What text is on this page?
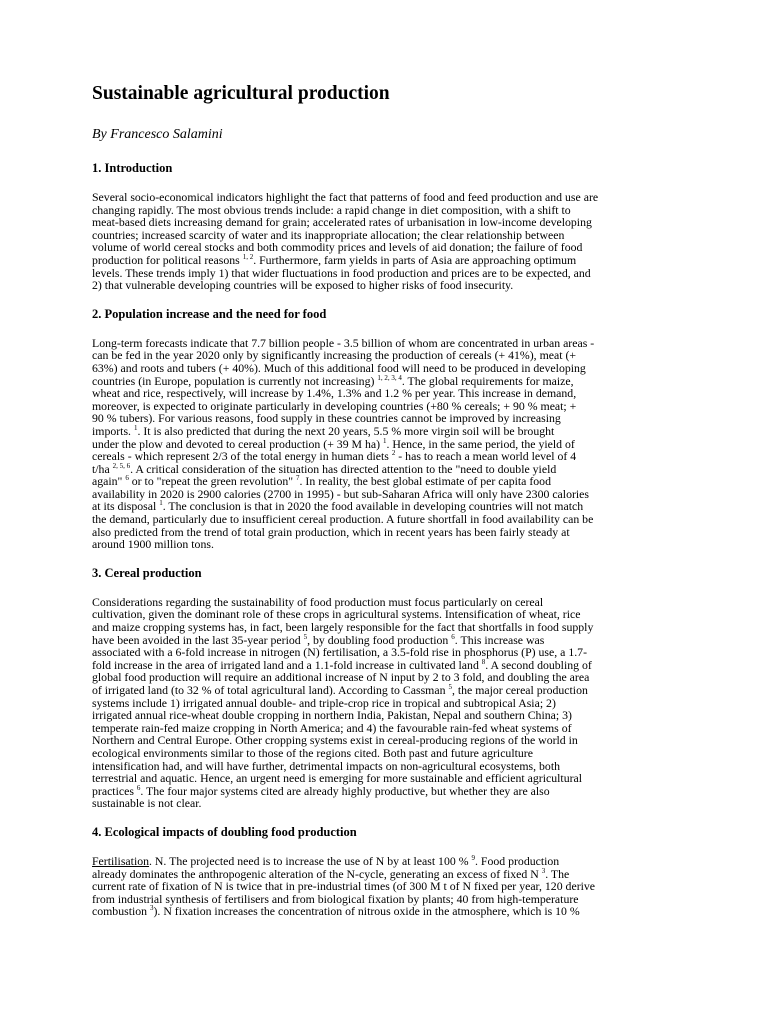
Sustainable agricultural production
By Francesco Salamini
1. Introduction

Several socio-economical indicators highlight the fact that patterns of food and feed production and use are
changing rapidly. The most obvious trends include: a rapid change in diet composition, with a shift to
meat-based diets increasing demand for grain; accelerated rates of urbanisation in low-income developing
countries; increased scarcity of water and its inappropriate allocation; the clear relationship between
volume of world cereal stocks and both commodity prices and levels of aid donation; the failure of food
production for political reasons $^{1, 2}$. Furthermore, farm yields in parts of Asia are approaching optimum
levels. These trends imply 1) that wider fluctuations in food production and prices are to be expected, and
2) that vulnerable developing countries will be exposed to higher risks of food insecurity.

2. Population increase and the need for food

Long-term forecasts indicate that 7.7 billion people - 3.5 billion of whom are concentrated in urban areas -
can be fed in the year 2020 only by significantly increasing the production of cereals (+ 41%), meat (+
63%) and roots and tubers (+ 40%). Much of this additional food will need to be produced in developing
countries (in Europe, population is currently not increasing) $^{1, 2, 3, 4}$. The global requirements for maize,
wheat and rice, respectively, will increase by 1.4%, 1.3% and 1.2 % per year. This increase in demand,
moreover, is expected to originate particularly in developing countries (+80 % cereals; + 90 % meat; +
90 % tubers). For various reasons, food supply in these countries cannot be improved by increasing
imports. $^1$. It is also predicted that during the next 20 years, 5.5 % more virgin soil will be brought
under the plow and devoted to cereal production (+ 39 M ha) $^1$. Hence, in the same period, the yield of
cereals - which represent 2/3 of the total energy in human diets $^2$ - has to reach a mean world level of 4
t/ha $^{2, 5, 6}$. A critical consideration of the situation has directed attention to the "need to double yield
again" $^6$ or to "repeat the green revolution" $^7$. In reality, the best global estimate of per capita food
availability in 2020 is 2900 calories (2700 in 1995) - but sub-Saharan Africa will only have 2300 calories
at its disposal $^1$. The conclusion is that in 2020 the food available in developing countries will not match
the demand, particularly due to insufficient cereal production. A future shortfall in food availability can be
also predicted from the trend of total grain production, which in recent years has been fairly steady at
around 1900 million tons.

3. Cereal production

Considerations regarding the sustainability of food production must focus particularly on cereal
cultivation, given the dominant role of these crops in agricultural systems. Intensification of wheat, rice
and maize cropping systems has, in fact, been largely responsible for the fact that shortfalls in food supply
have been avoided in the last 35-year period $^5$, by doubling food production $^6$. This increase was
associated with a 6-fold increase in nitrogen (N) fertilisation, a 3.5-fold rise in phosphorus (P) use, a 1.7-
fold increase in the area of irrigated land and a 1.1-fold increase in cultivated land $^8$. A second doubling of
global food production will require an additional increase of N input by 2 to 3 fold, and doubling the area
of irrigated land (to 32 % of total agricultural land). According to Cassman $^5$, the major cereal production
systems include 1) irrigated annual double- and triple-crop rice in tropical and subtropical Asia; 2)
irrigated annual rice-wheat double cropping in northern India, Pakistan, Nepal and southern China; 3)
temperate rain-fed maize cropping in North America; and 4) the favourable rain-fed wheat systems of
Northern and Central Europe. Other cropping systems exist in cereal-producing regions of the world in
ecological environments similar to those of the regions cited. Both past and future agriculture
intensification had, and will have further, detrimental impacts on non-agricultural ecosystems, both
terrestrial and aquatic. Hence, an urgent need is emerging for more sustainable and efficient agricultural
practices $^6$. The four major systems cited are already highly productive, but whether they are also
sustainable is not clear.

4. Ecological impacts of doubling food production

Fertilisation. N. The projected need is to increase the use of N by at least 100 % $^9$. Food production
already dominates the anthropogenic alteration of the N-cycle, generating an excess of fixed N $^3$. The
current rate of fixation of N is twice that in pre-industrial times (of 300 M t of N fixed per year, 120 derive
from industrial synthesis of fertilisers and from biological fixation by plants; 40 from high-temperature
combustion $^3$). N fixation increases the concentration of nitrous oxide in the atmosphere, which is 10 %
